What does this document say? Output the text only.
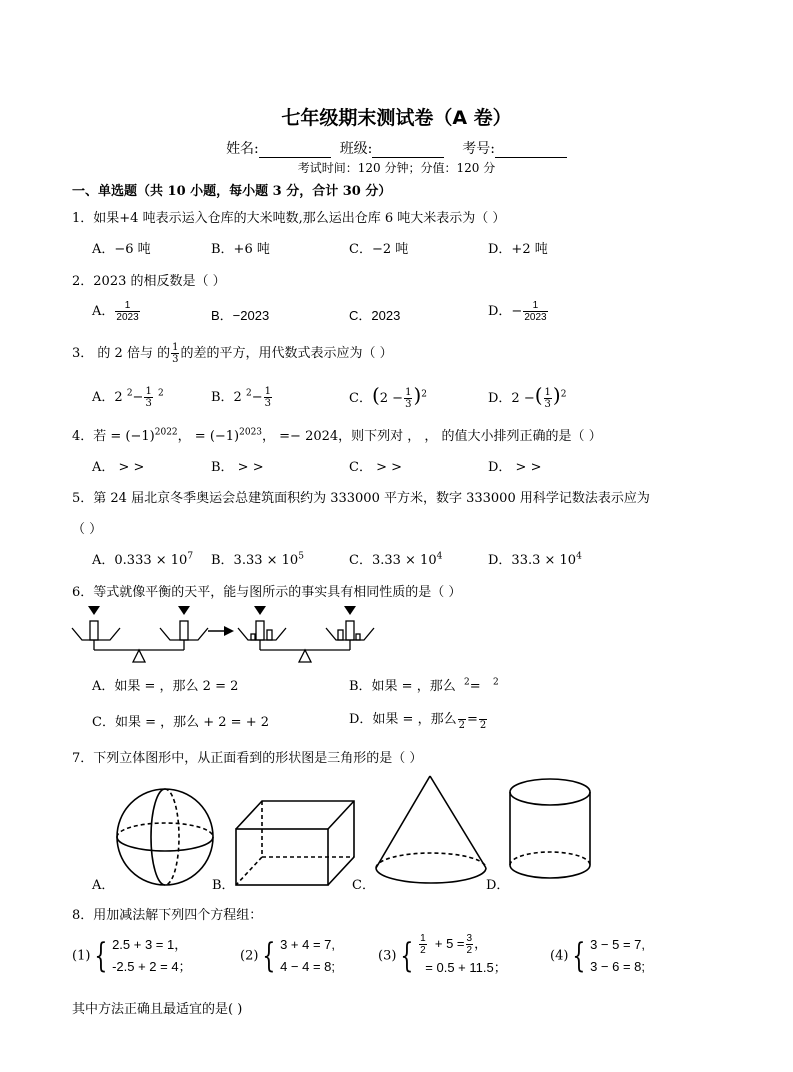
七年级期末测试卷（A 卷）
姓名:	班级:	考号:
考试时间：120 分钟；分值：120 分
一、单选题（共 10 小题，每小题 3 分，合计 30 分）
1．如果+4 吨表示运入仓库的大米吨数,那么运出仓库 6 吨大米表示为（ ）
A．−6 吨	B．+6 吨	C．−2 吨	D．+2 吨
2．2023 的相反数是（ ）
A． $\frac{1}{2023}$	B．−2023	C．2023	D．− $\frac{1}{2023}$
3． 的 2 倍与 的 $\frac{1}{3}$ 的差的平方，用代数式表示应为（ ）
A．2 $^2- \frac{1}{3} ^2$	B．2 $^2- \frac{1}{3}$	C．$(2 - \frac{1}{3} )^2$	D．2 −( $\frac{1}{3} )^2$
4．若 = $(-1)^{2022}$， = $(-1)^{2023}$， =− 2024，则下列对 ， ， 的值大小排列正确的是（ ）
A． > >	B． > >	C． > >	D． > >
5．第 24 届北京冬季奥运会总建筑面积约为 333000 平方米，数字 333000 用科学记数法表示应为
（ ）
A．$0.333 \times 10^7$ B．$3.33 \times 10^5$	C．$3.33 \times 10^4$	D．$33.3 \times 10^4$
6．等式就像平衡的天平，能与图所示的事实具有相同性质的是（ ）
A．如果 = ，那么 2 = 2	B．如果 = ，那么 $^2$= $^2$
C．如果 = ，那么 + 2 = + 2	D．如果 = ，那么
2 =
2
7．下列立体图形中，从正面看到的形状图是三角形的是（ ）
A．	B．	C．	D．
8．用加减法解下列四个方程组：
(1) { 2.5 + 3 = 1，
-2.5 + 2 = 4；
(2) { 3 + 4 = 7,
4 − 4 = 8;
(3) { $\frac{1}{2} + 5 = \frac{3}{2}$ ，
= 0.5 + 11.5；
(4) { 3 − 5 = 7,
3 − 6 = 8;
其中方法正确且最适宜的是( )
